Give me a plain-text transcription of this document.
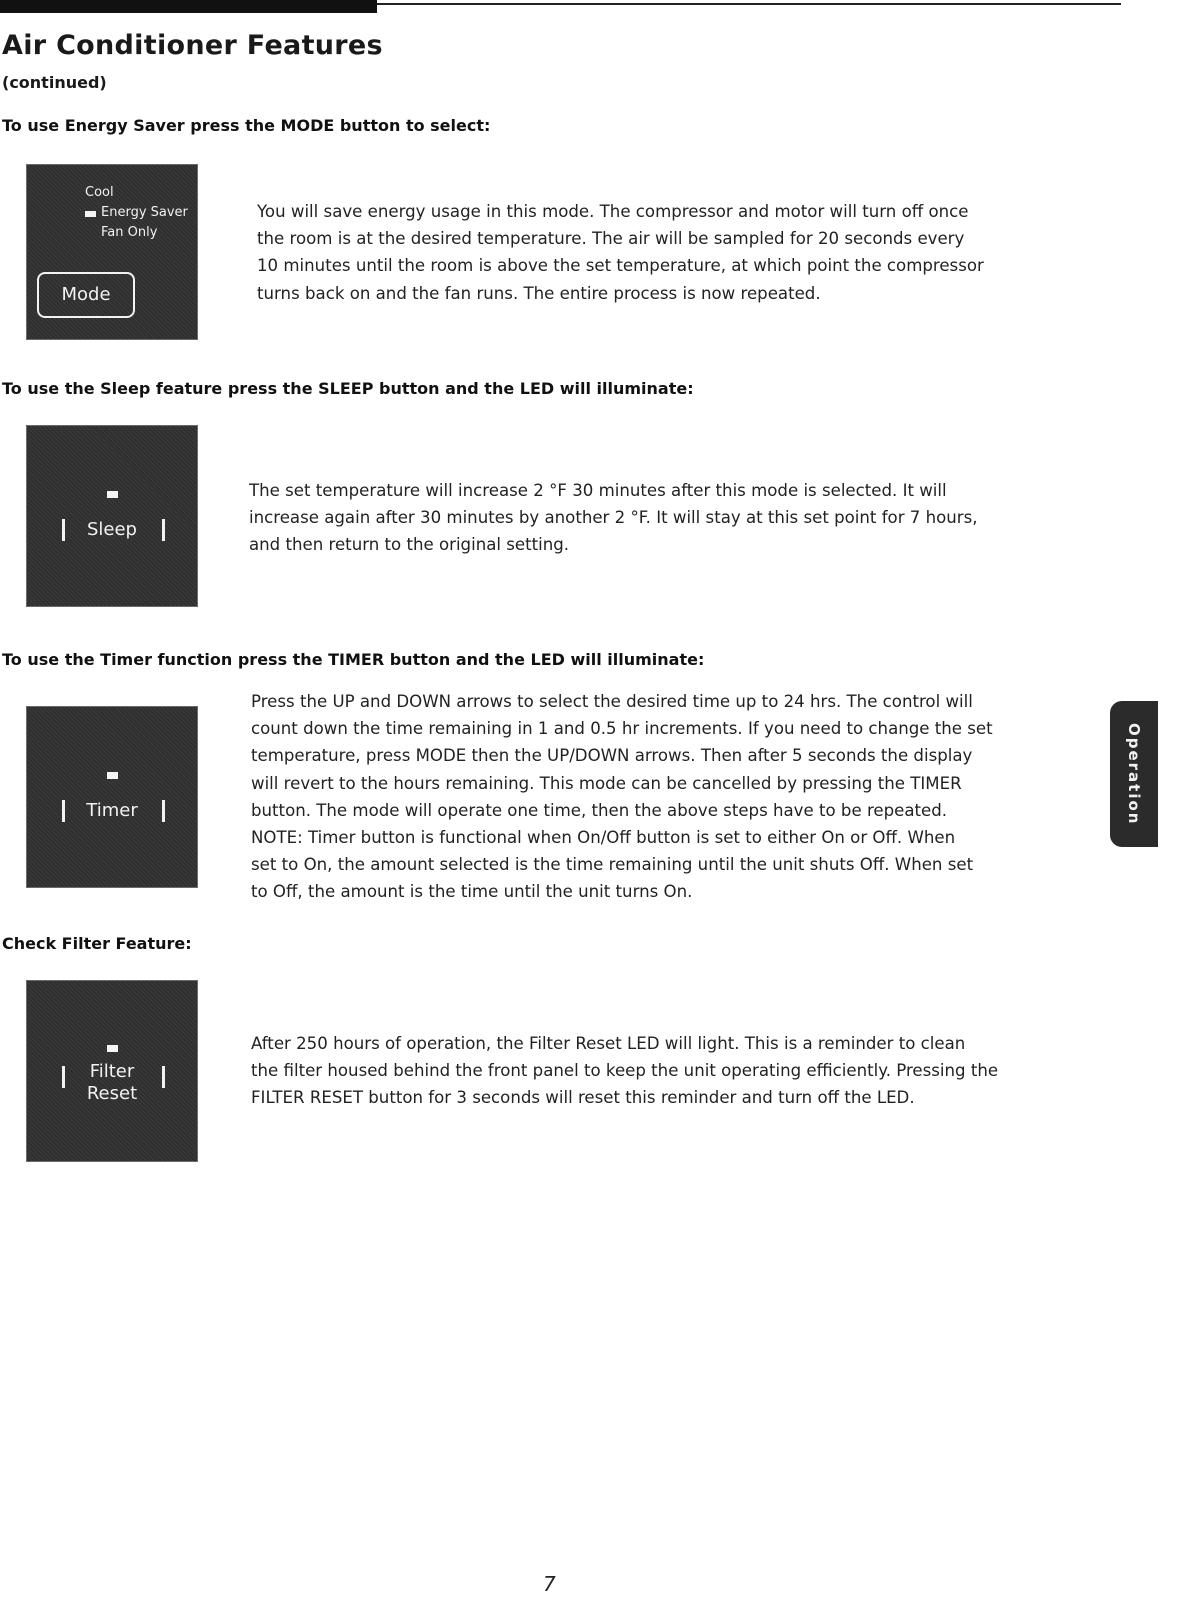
Air Conditioner Features
(continued)
To use Energy Saver press the MODE button to select:
Cool
Energy Saver
Fan Only
Mode

You will save energy usage in this mode. The compressor and motor will turn off once
the room is at the desired temperature. The air will be sampled for 20 seconds every
10 minutes until the room is above the set temperature, at which point the compressor
turns back on and the fan runs. The entire process is now repeated.

To use the Sleep feature press the SLEEP button and the LED will illuminate:
Sleep

The set temperature will increase 2 °F 30 minutes after this mode is selected. It will
increase again after 30 minutes by another 2 °F. It will stay at this set point for 7 hours,
and then return to the original setting.

To use the Timer function press the TIMER button and the LED will illuminate:
Timer

Press the UP and DOWN arrows to select the desired time up to 24 hrs. The control will
count down the time remaining in 1 and 0.5 hr increments. If you need to change the set
temperature, press MODE then the UP/DOWN arrows. Then after 5 seconds the display
will revert to the hours remaining. This mode can be cancelled by pressing the TIMER
button. The mode will operate one time, then the above steps have to be repeated.
NOTE: Timer button is functional when On/Off button is set to either On or Off. When
set to On, the amount selected is the time remaining until the unit shuts Off. When set
to Off, the amount is the time until the unit turns On.

Check Filter Feature:
Filter
Reset

After 250 hours of operation, the Filter Reset LED will light. This is a reminder to clean
the filter housed behind the front panel to keep the unit operating efficiently. Pressing the
FILTER RESET button for 3 seconds will reset this reminder and turn off the LED.

Operation
7
